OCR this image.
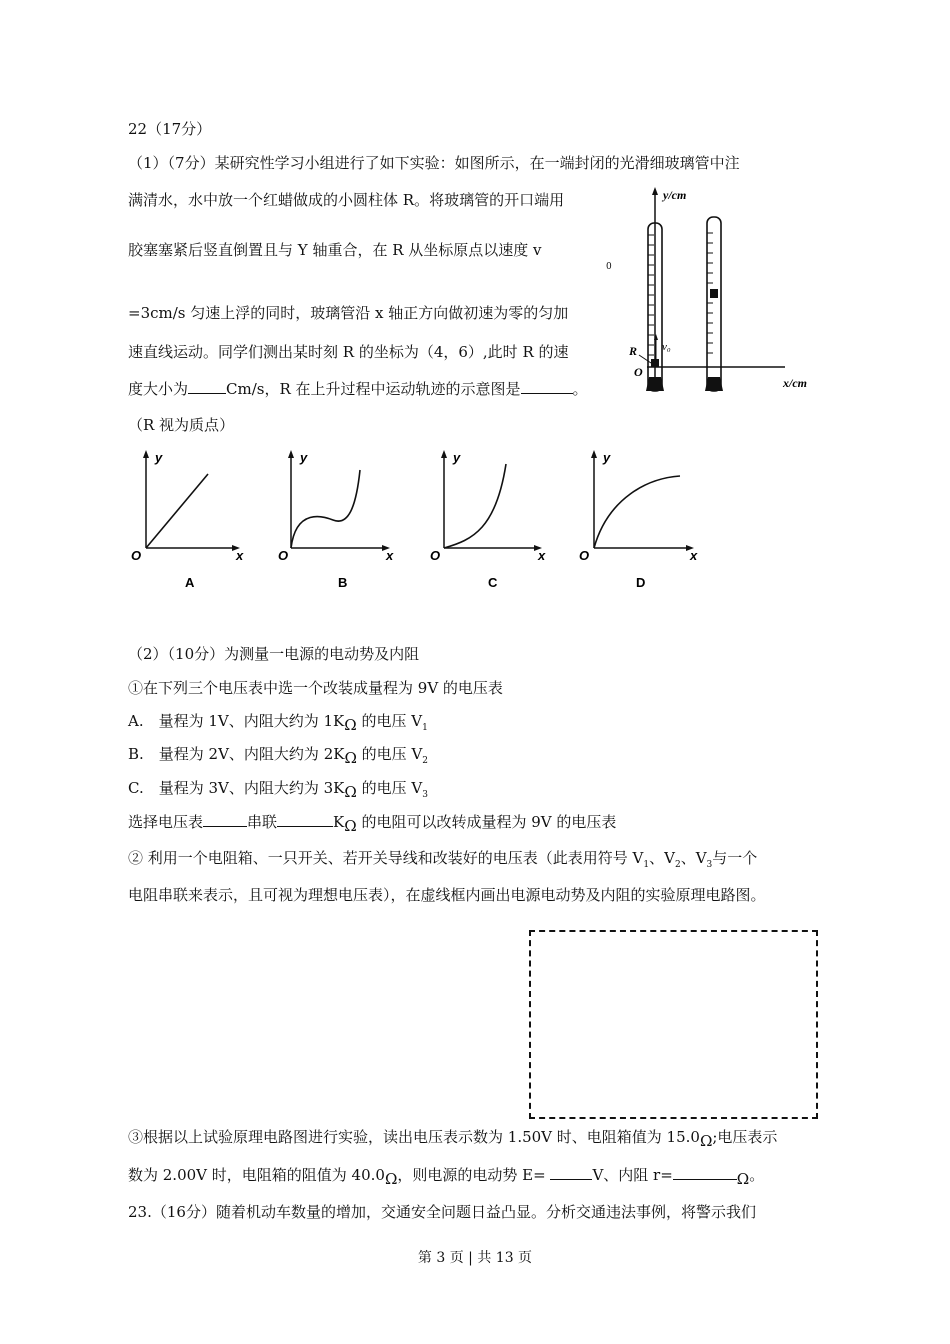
22（17分）
（1）（7分）某研究性学习小组进行了如下实验：如图所示，在一端封闭的光滑细玻璃管中注
满清水，水中放一个红蜡做成的小圆柱体 R。将玻璃管的开口端用
胶塞塞紧后竖直倒置且与 Y 轴重合，在 R 从坐标原点以速度 v
0
=3cm/s 匀速上浮的同时，玻璃管沿 x 轴正方向做初速为零的匀加
速直线运动。同学们测出某时刻 R 的坐标为（4，6）,此时 R 的速
度大小为	Cm/s，R 在上升过程中运动轨迹的示意图是	。
（R 视为质点）
v₀
R
O
y/cm
x/cm
y
x
O
A
y
x
O
B
y
x
O
C
y
x
O
D
（2）（10分）为测量一电源的电动势及内阻
①在下列三个电压表中选一个改装成量程为 9V 的电压表
A.　量程为 1V、内阻大约为 1KΩ 的电压 $V_1$
B.　量程为 2V、内阻大约为 2KΩ 的电压 $V_2$
C.　量程为 3V、内阻大约为 3KΩ 的电压 $V_3$
选择电压表	串联	KΩ 的电阻可以改转成量程为 9V 的电压表
② 利用一个电阻箱、一只开关、若开关导线和改装好的电压表（此表用符号 $V_1$、$V_2$、$V_3$与一个
电阻串联来表示，且可视为理想电压表），在虚线框内画出电源电动势及内阻的实验原理电路图。
③根据以上试验原理电路图进行实验，读出电压表示数为 1.50V 时、电阻箱值为 15.0Ω;电压表示
数为 2.00V 时，电阻箱的阻值为 40.0Ω，则电源的电动势 E=	V、内阻 r=	Ω。
23.（16分）随着机动车数量的增加，交通安全问题日益凸显。分析交通违法事例，将警示我们
第 3 页 | 共 13 页
